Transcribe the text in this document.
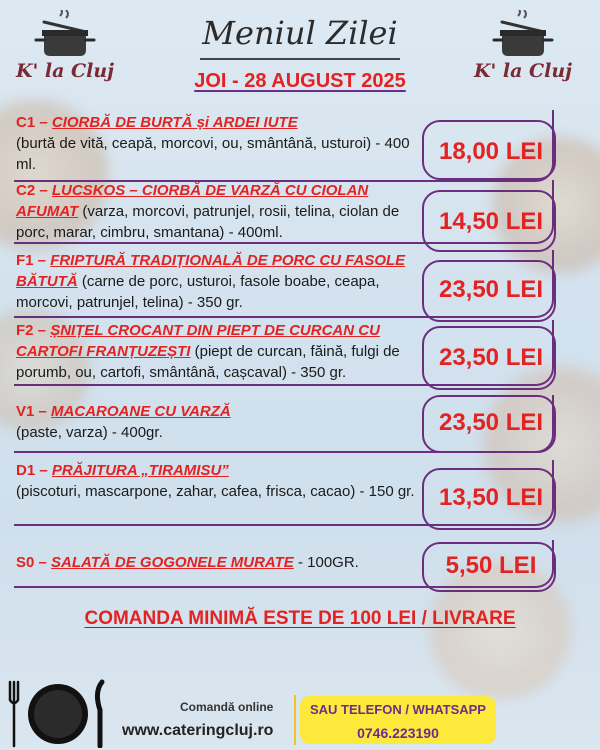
K' la Cluj	K' la Cluj
Meniul Zilei
JOI - 28 AUGUST 2025
C1 – CIORBĂ DE BURTĂ și ARDEI IUTE
(burtă de vită, ceapă, morcovi, ou, smântână, usturoi) - 400 ml.	18,00 LEI
C2 – LUCSKOS – CIORBĂ DE VARZĂ CU CIOLAN AFUMAT (varza, morcovi, patrunjel, rosii, telina, ciolan de porc, marar, cimbru, smantana) - 400ml.	14,50 LEI
F1 – FRIPTURĂ TRADIȚIONALĂ DE PORC CU FASOLE BĂTUTĂ (carne de porc, usturoi, fasole boabe, ceapa, morcovi, patrunjel, telina) - 350 gr.	23,50 LEI
F2 – ȘNIȚEL CROCANT DIN PIEPT DE CURCAN CU CARTOFI FRANȚUZEȘTI (piept de curcan, făină, fulgi de porumb, ou, cartofi, smântână, cașcaval) - 350 gr.
23,50 LEI
V1 – MACAROANE CU VARZĂ
(paste, varza) - 400gr.	23,50 LEI
D1 – PRĂJITURA „TIRAMISU”
(piscoturi, mascarpone, zahar, cafea, frisca, cacao) - 150 gr.	13,50 LEI
S0 – SALATĂ DE GOGONELE MURATE - 100GR.	5,50 LEI
COMANDA MINIMĂ ESTE DE 100 LEI / LIVRARE
Comandă online
www.cateringcluj.ro
SAU TELEFON / WHATSAPP
0746.223190
